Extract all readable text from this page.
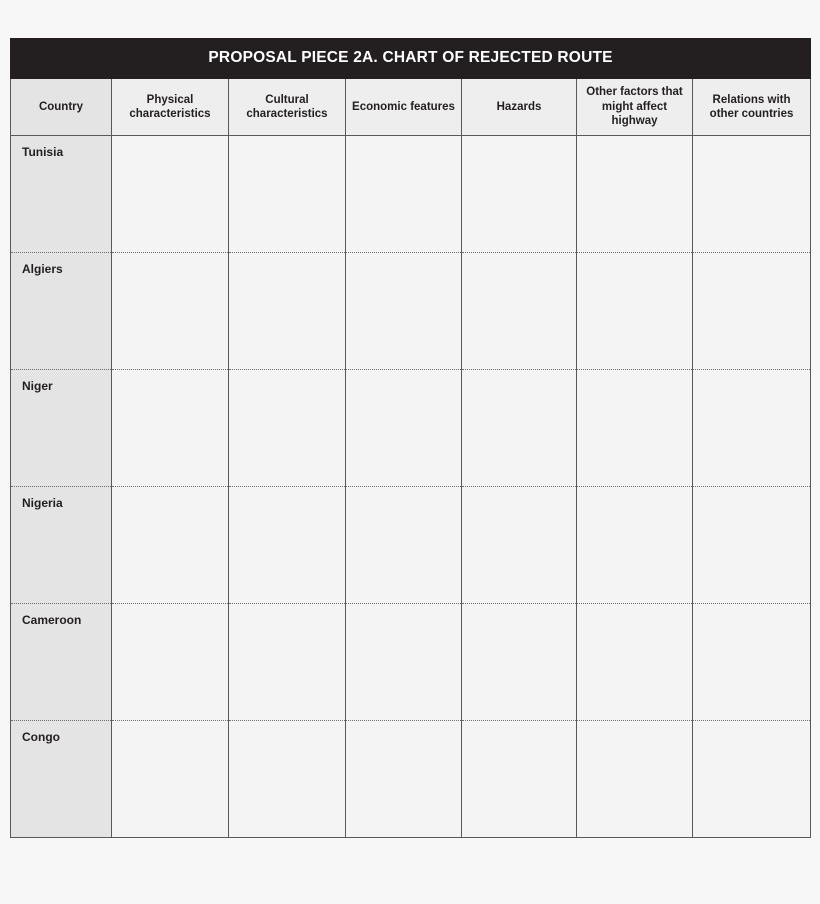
PROPOSAL PIECE 2A. CHART OF REJECTED ROUTE						
Country	Physical characteristics	Cultural characteristics	Economic features	Hazards	Other factors that might affect highway	Relations with other countries
Tunisia	

Algiers	

Niger	

Nigeria	

Cameroon	

Congo	
